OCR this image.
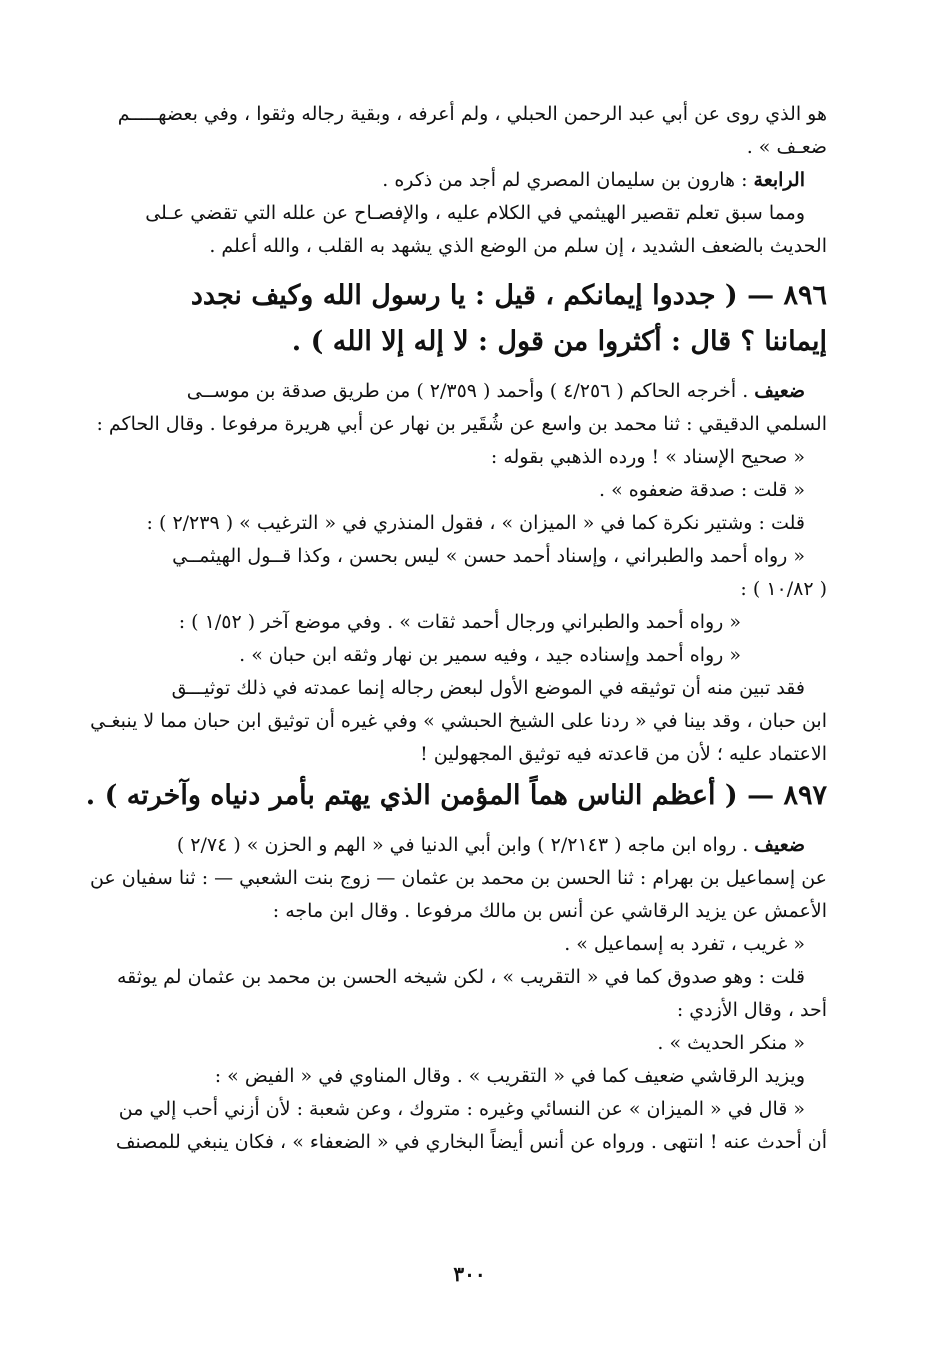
هو الذي روى عن أبي عبد الرحمن الحبلي ، ولم أعرفه ، وبقية رجاله وثقوا ، وفي بعضهـــــم
ضعـف » .
الرابعة : هارون بن سليمان المصري لم أجد من ذكره .
ومما سبق تعلم تقصير الهيثمي في الكلام عليه ، والإفصـاح عن علله التي تقضي عـلى
الحديث بالضعف الشديد ، إن سلم من الوضع الذي يشهد به القلب ، والله أعلم .
٨٩٦ — ( جددوا إيمانكم ، قيل : يا رسول الله وكيف نجدد
إيماننا ؟ قال : أكثروا من قول : لا إله إلا الله ) .
ضعيف . أخرجه الحاكم ( ٤/٢٥٦ ) وأحمد ( ٢/٣٥٩ ) من طريق صدقة بن موســى
السلمي الدقيقي : ثنا محمد بن واسع عن شُقَير بن نهار عن أبي هريرة مرفوعا . وقال الحاكم :
« صحيح الإسناد » ! ورده الذهبي بقوله :
« قلت : صدقة ضعفوه » .
قلت : وشتير نكرة كما في « الميزان » ، فقول المنذري في « الترغيب » ( ٢/٢٣٩ ) :
« رواه أحمد والطبراني ، وإسناد أحمد حسن » ليس بحسن ، وكذا قــول الهيثمــي
( ١٠/٨٢ ) :
« رواه أحمد والطبراني ورجال أحمد ثقات » . وفي موضع آخر ( ١/٥٢ ) :
« رواه أحمد وإسناده جيد ، وفيه سمير بن نهار وثقه ابن حبان » .
فقد تبين منه أن توثيقه في الموضع الأول لبعض رجاله إنما عمدته في ذلك توثيـــق
ابن حبان ، وقد بينا في « ردنا على الشيخ الحبشي » وفي غيره أن توثيق ابن حبان مما لا ينبغـي
الاعتماد عليه ؛ لأن من قاعدته فيه توثيق المجهولين !
٨٩٧ — ( أعظم الناس هماً المؤمن الذي يهتم بأمر دنياه وآخرته ) .
ضعيف . رواه ابن ماجه ( ٢/٢١٤٣ ) وابن أبي الدنيا في « الهم و الحزن » ( ٢/٧٤ )
عن إسماعيل بن بهرام : ثنا الحسن بن محمد بن عثمان — زوج بنت الشعبي — : ثنا سفيان عن
الأعمش عن يزيد الرقاشي عن أنس بن مالك مرفوعا . وقال ابن ماجه :
« غريب ، تفرد به إسماعيل » .
قلت : وهو صدوق كما في « التقريب » ، لكن شيخه الحسن بن محمد بن عثمان لم يوثقه
أحد ، وقال الأزدي :
« منكر الحديث » .
ويزيد الرقاشي ضعيف كما في « التقريب » . وقال المناوي في « الفيض » :
« قال في « الميزان » عن النسائي وغيره : متروك ، وعن شعبة : لأن أزني أحب إلي من
أن أحدث عنه ! انتهى . ورواه عن أنس أيضاً البخاري في « الضعفاء » ، فكان ينبغي للمصنف
٣٠٠
